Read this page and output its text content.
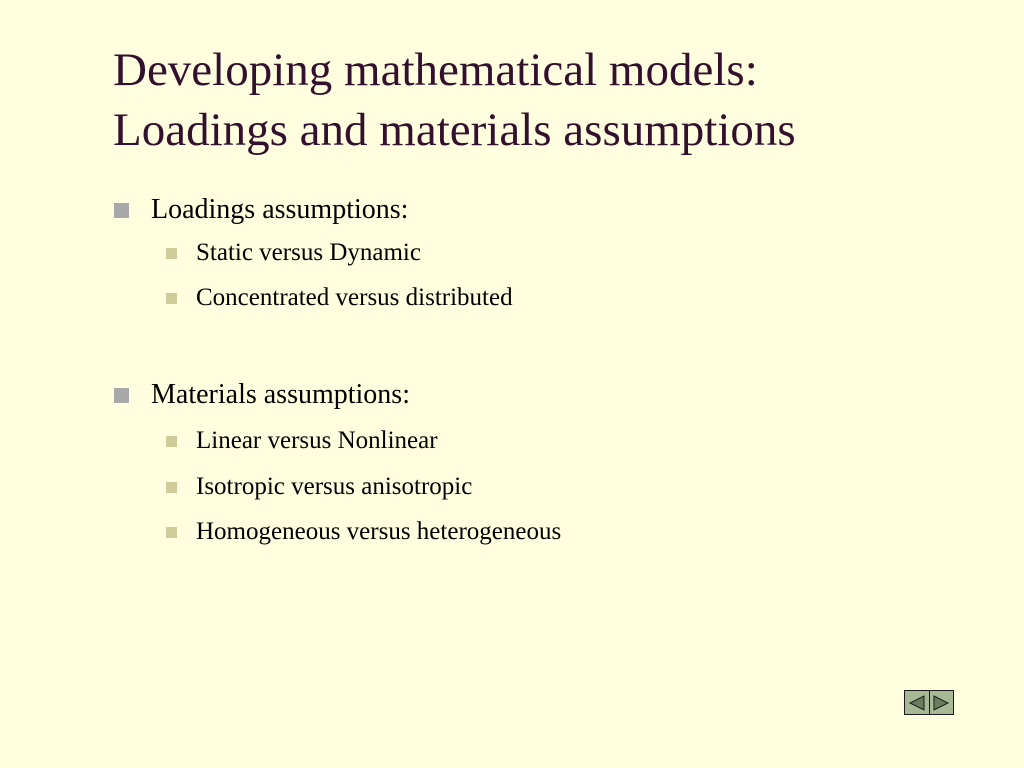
Developing mathematical models:
Loadings and materials assumptions
Loadings assumptions:
Static versus Dynamic
Concentrated versus distributed
Materials assumptions:
Linear versus Nonlinear
Isotropic versus anisotropic
Homogeneous versus heterogeneous
